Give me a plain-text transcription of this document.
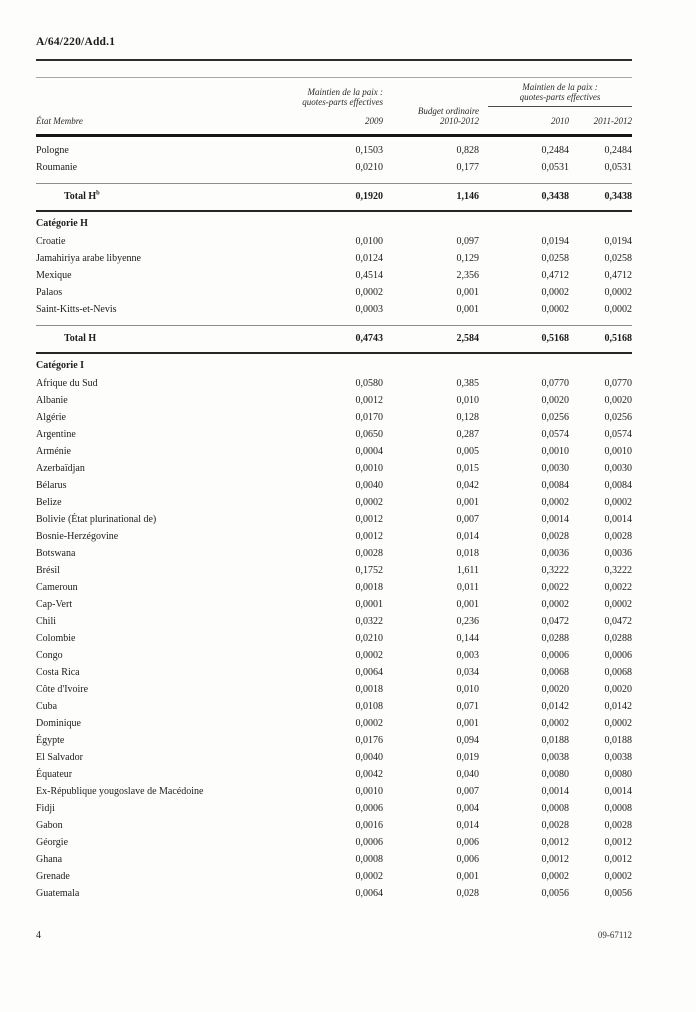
A/64/220/Add.1
État Membre
Maintien de la paix :
quotes-parts effectives
2009
Budget ordinaire
2010-2012
Maintien de la paix :
quotes-parts effectives
2010	2011-2012
Pologne	0,1503	0,828	0,2484	0,2484
Roumanie	0,0210	0,177	0,0531	0,0531
Total $H^b$	0,1920	1,146	0,3438	0,3438
Catégorie H
Croatie	0,0100	0,097	0,0194	0,0194
Jamahiriya arabe libyenne	0,0124	0,129	0,0258	0,0258
Mexique	0,4514	2,356	0,4712	0,4712
Palaos	0,0002	0,001	0,0002	0,0002
Saint-Kitts-et-Nevis	0,0003	0,001	0,0002	0,0002
Total H	0,4743	2,584	0,5168	0,5168
Catégorie I
Afrique du Sud	0,0580	0,385	0,0770	0,0770
Albanie	0,0012	0,010	0,0020	0,0020
Algérie	0,0170	0,128	0,0256	0,0256
Argentine	0,0650	0,287	0,0574	0,0574
Arménie	0,0004	0,005	0,0010	0,0010
Azerbaïdjan	0,0010	0,015	0,0030	0,0030
Bélarus	0,0040	0,042	0,0084	0,0084
Belize	0,0002	0,001	0,0002	0,0002
Bolivie (État plurinational de)	0,0012	0,007	0,0014	0,0014
Bosnie-Herzégovine	0,0012	0,014	0,0028	0,0028
Botswana	0,0028	0,018	0,0036	0,0036
Brésil	0,1752	1,611	0,3222	0,3222
Cameroun	0,0018	0,011	0,0022	0,0022
Cap-Vert	0,0001	0,001	0,0002	0,0002
Chili	0,0322	0,236	0,0472	0,0472
Colombie	0,0210	0,144	0,0288	0,0288
Congo	0,0002	0,003	0,0006	0,0006
Costa Rica	0,0064	0,034	0,0068	0,0068
Côte d'Ivoire	0,0018	0,010	0,0020	0,0020
Cuba	0,0108	0,071	0,0142	0,0142
Dominique	0,0002	0,001	0,0002	0,0002
Égypte	0,0176	0,094	0,0188	0,0188
El Salvador	0,0040	0,019	0,0038	0,0038
Équateur	0,0042	0,040	0,0080	0,0080
Ex-République yougoslave de Macédoine	0,0010	0,007	0,0014	0,0014
Fidji	0,0006	0,004	0,0008	0,0008
Gabon	0,0016	0,014	0,0028	0,0028
Géorgie	0,0006	0,006	0,0012	0,0012
Ghana	0,0008	0,006	0,0012	0,0012
Grenade	0,0002	0,001	0,0002	0,0002
Guatemala	0,0064	0,028	0,0056	0,0056
4	09-67112
